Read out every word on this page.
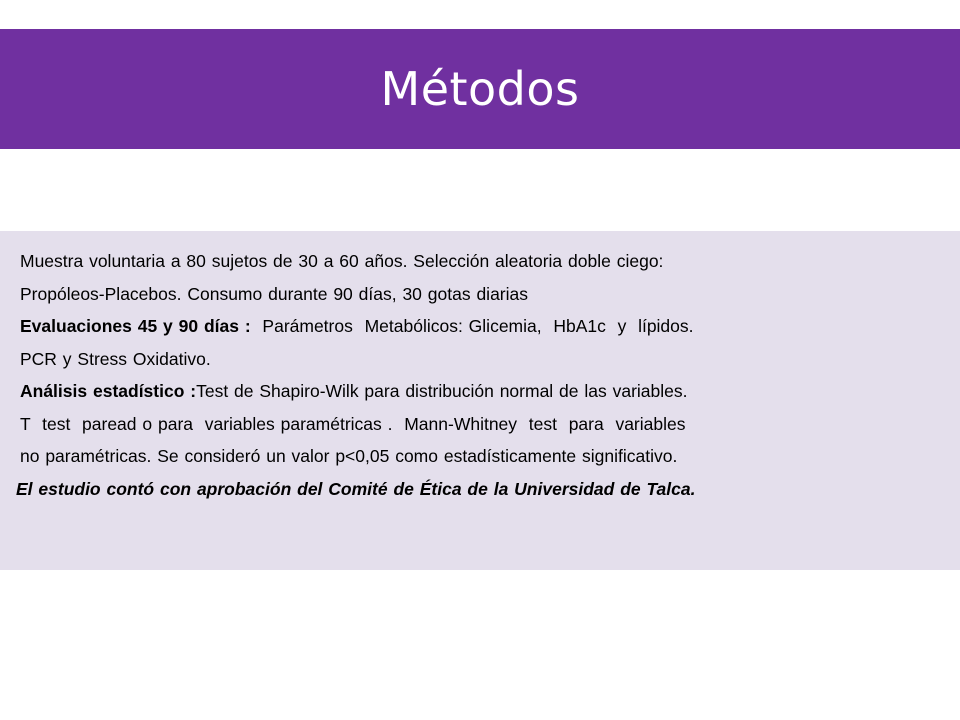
Métodos
Muestra voluntaria a 80 sujetos de 30 a 60 años. Selección aleatoria doble ciego:
Propóleos-Placebos. Consumo durante 90 días, 30 gotas diarias
Evaluaciones 45 y 90 días :  Parámetros  Metabólicos: Glicemia,  HbA1c  y  lípidos.
PCR y Stress Oxidativo.
Análisis estadístico :Test de Shapiro-Wilk para distribución normal de las variables.
T  test  paread o para  variables paramétricas .  Mann-Whitney  test  para  variables
no paramétricas. Se consideró un valor p<0,05 como estadísticamente significativo.
El estudio contó con aprobación del Comité de Ética de la Universidad de Talca.
